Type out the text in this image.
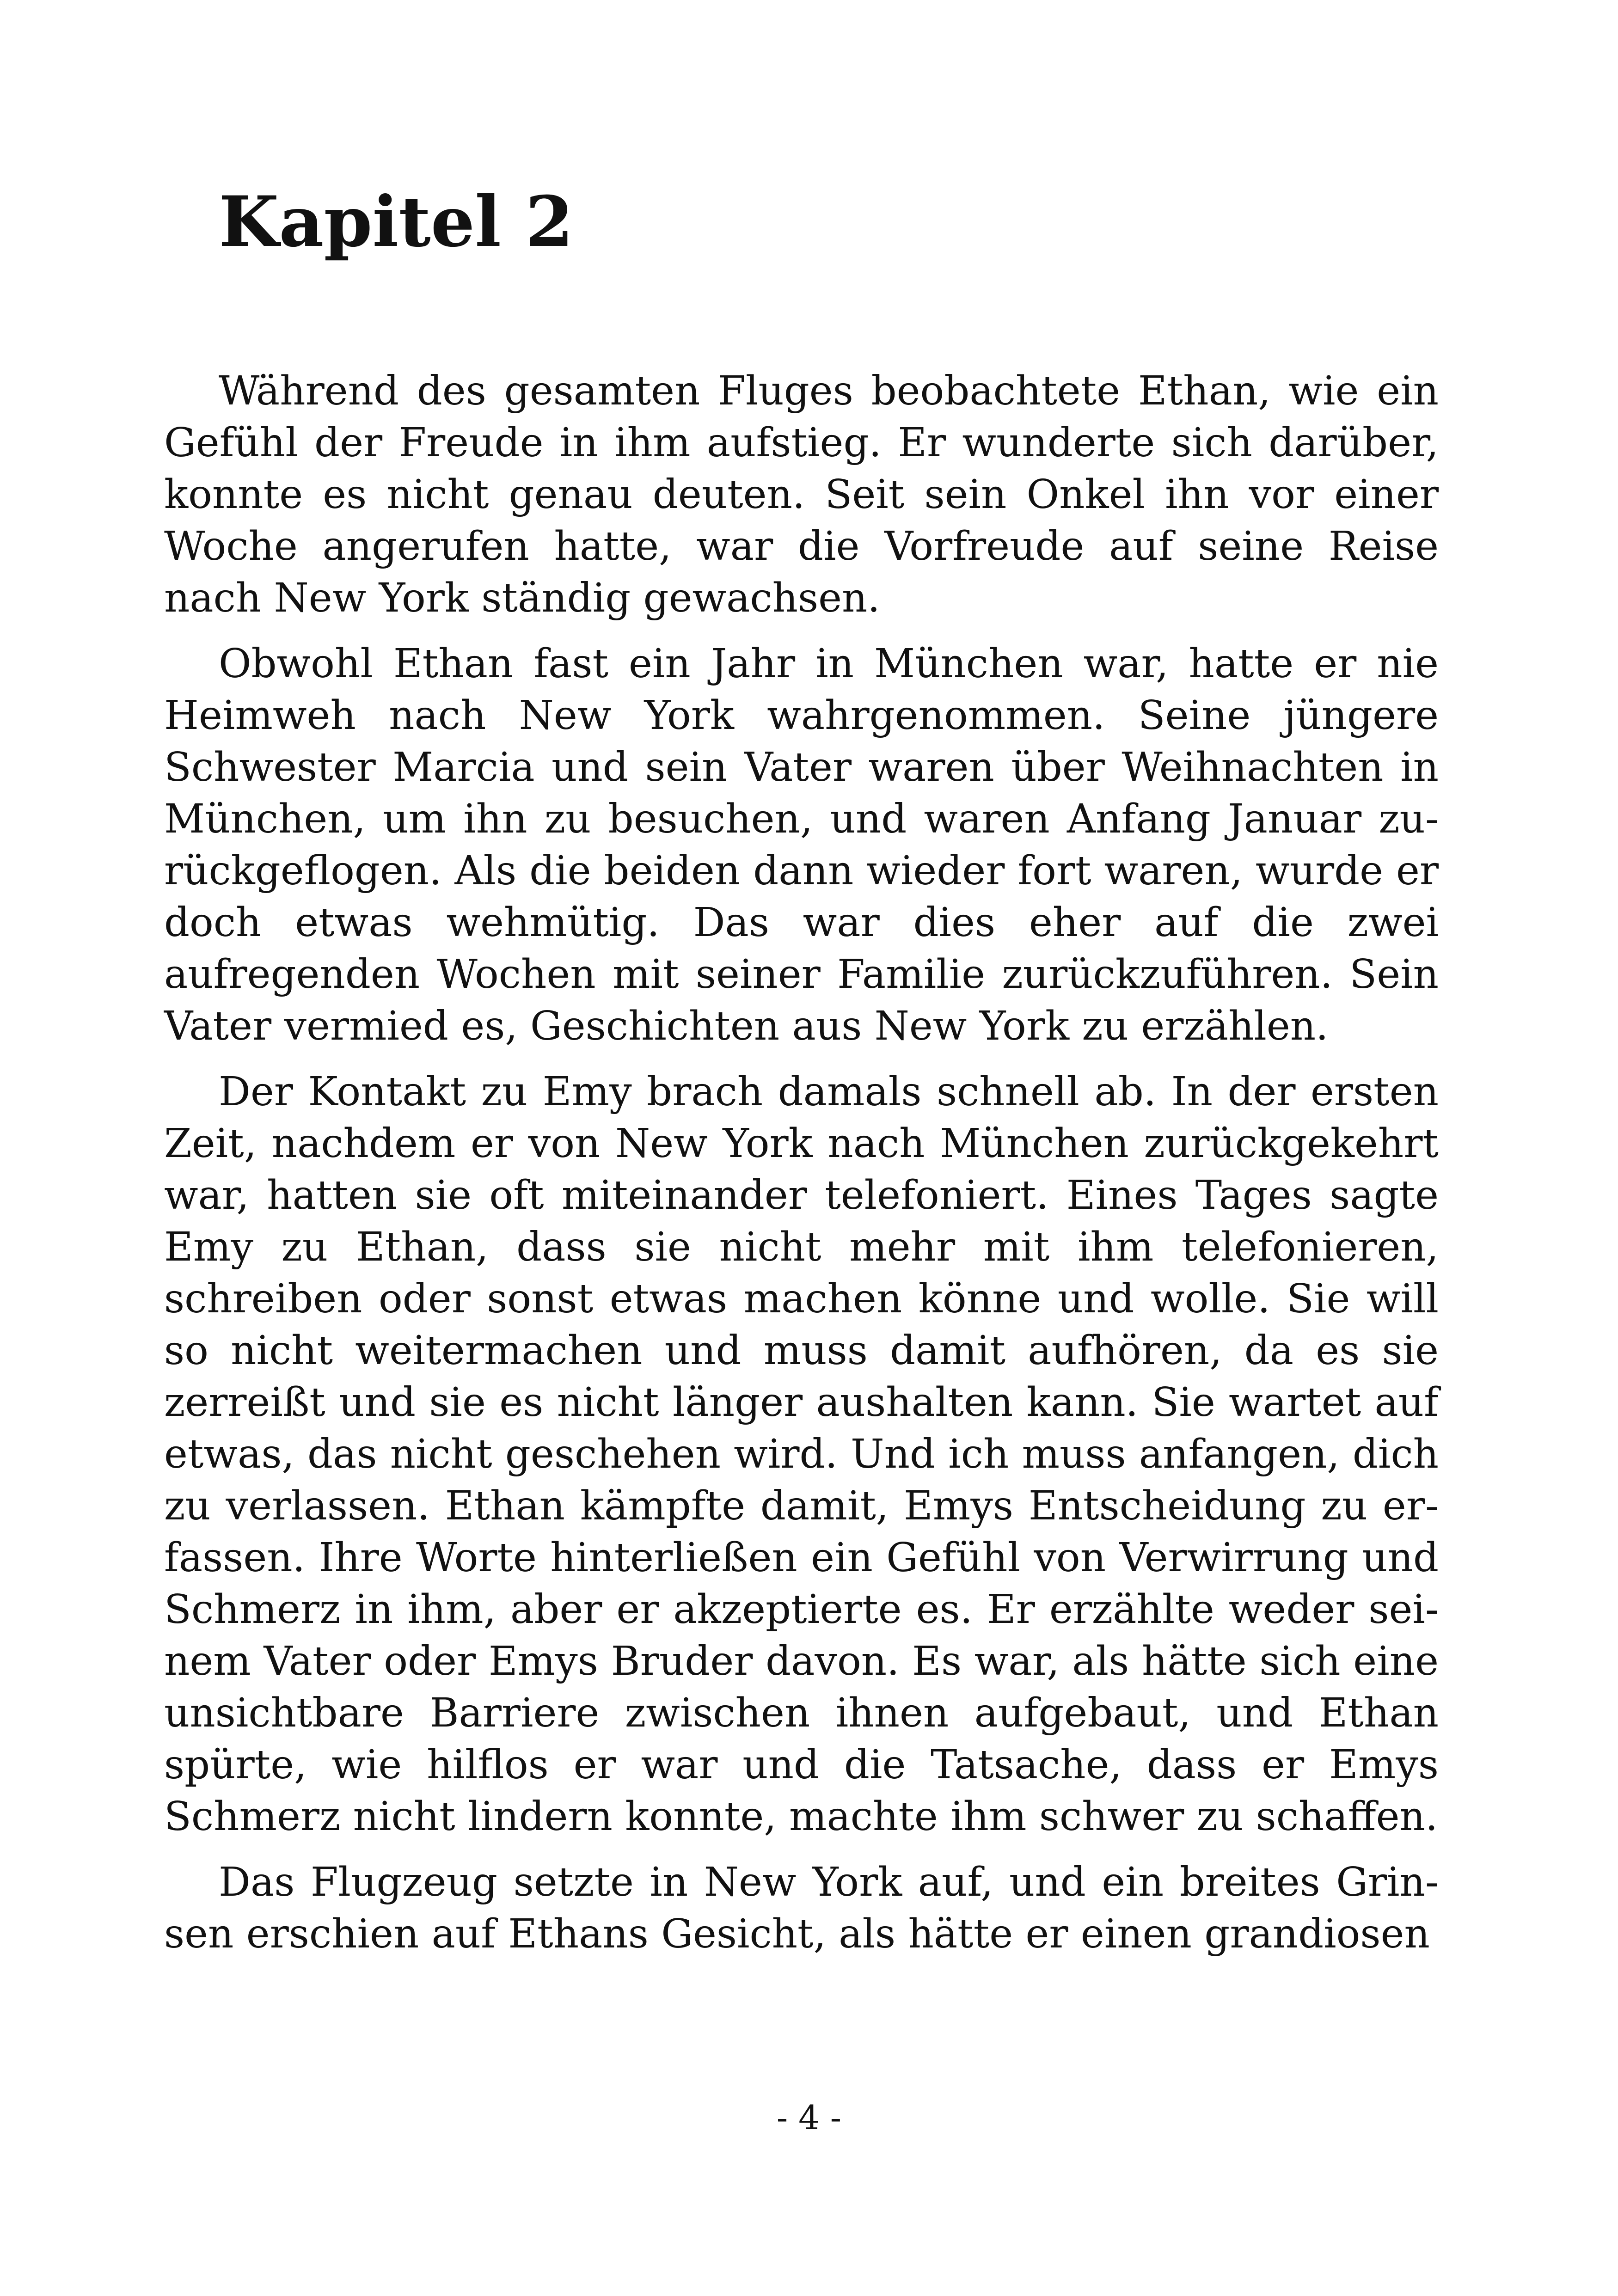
Kapitel 2

Während des gesamten Fluges beobachtete Ethan, wie ein Gefühl der Freude in ihm aufstieg. Er wunderte sich darüber, konnte es nicht genau deuten. Seit sein Onkel ihn vor einer Woche angerufen hatte, war die Vorfreude auf seine Reise nach New York ständig gewachsen.

Obwohl Ethan fast ein Jahr in München war, hatte er nie Heimweh nach New York wahrgenommen. Seine jüngere Schwester Marcia und sein Vater waren über Weihnachten in München, um ihn zu besuchen, und waren Anfang Januar zurückgeflogen. Als die beiden dann wieder fort waren, wurde er doch etwas wehmütig. Das war dies eher auf die zwei aufregenden Wochen mit seiner Familie zurückzuführen. Sein Vater vermied es, Geschichten aus New York zu erzählen.

Der Kontakt zu Emy brach damals schnell ab. In der ersten Zeit, nachdem er von New York nach München zurückgekehrt war, hatten sie oft miteinander telefoniert. Eines Tages sagte Emy zu Ethan, dass sie nicht mehr mit ihm telefonieren, schreiben oder sonst etwas machen könne und wolle. Sie will so nicht weitermachen und muss damit aufhören, da es sie zerreißt und sie es nicht länger aushalten kann. Sie wartet auf etwas, das nicht geschehen wird. Und ich muss anfangen, dich zu verlassen. Ethan kämpfte damit, Emys Entscheidung zu erfassen. Ihre Worte hinterließen ein Gefühl von Verwirrung und Schmerz in ihm, aber er akzeptierte es. Er erzählte weder seinem Vater oder Emys Bruder davon. Es war, als hätte sich eine unsichtbare Barriere zwischen ihnen aufgebaut, und Ethan spürte, wie hilflos er war und die Tatsache, dass er Emys Schmerz nicht lindern konnte, machte ihm schwer zu schaffen.

Das Flugzeug setzte in New York auf, und ein breites Grinsen erschien auf Ethans Gesicht, als hätte er einen grandiosen

- 4 -
